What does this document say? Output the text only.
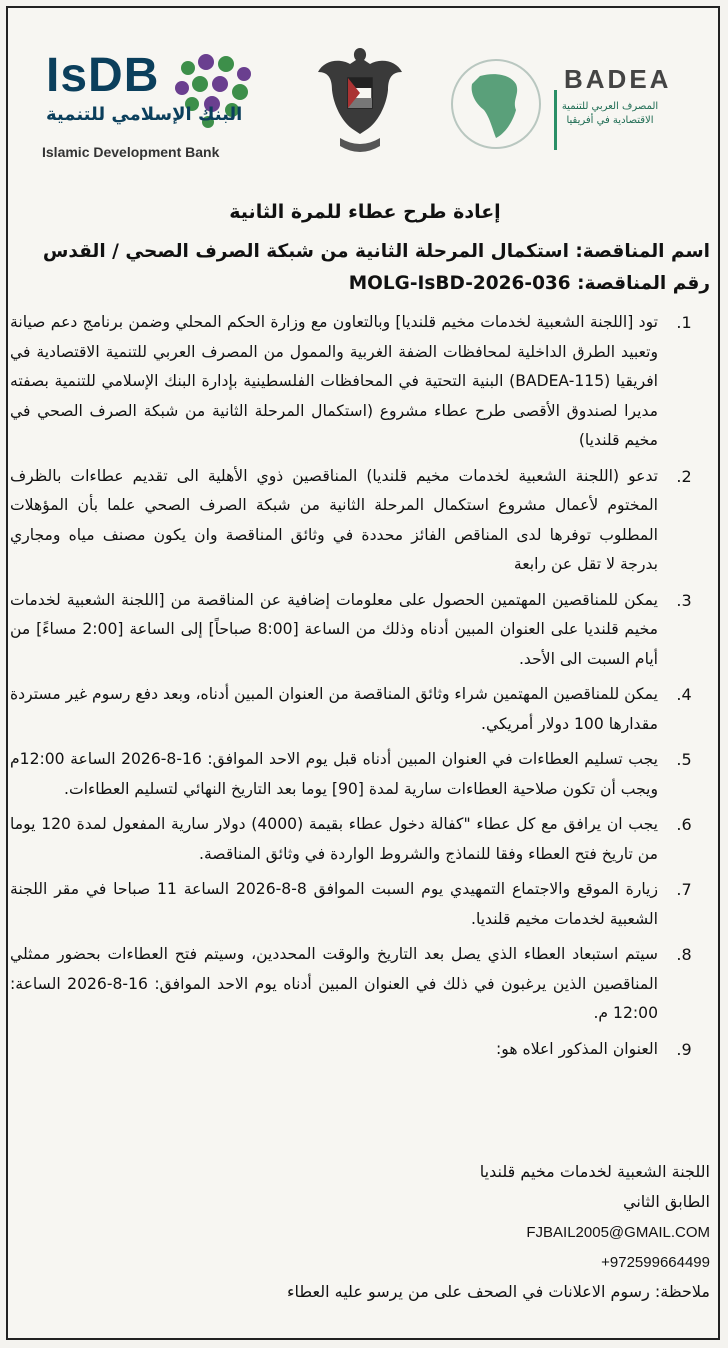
IsDB
البنك الإسلامي للتنمية
Islamic Development Bank
BADEA
المصرف العربي للتنمية الاقتصادية في أفريقيا
إعادة طرح عطاء للمرة الثانية
اسم المناقصة: استكمال المرحلة الثانية من شبكة الصرف الصحي / القدس
رقم المناقصة: MOLG-IsBD-2026-036
.1
تود [اللجنة الشعبية لخدمات مخيم قلنديا] وبالتعاون مع وزارة الحكم المحلي وضمن برنامج دعم صيانة وتعبيد الطرق الداخلية لمحافظات الضفة الغربية والممول من المصرف العربي للتنمية الاقتصادية في افريقيا (BADEA-115) البنية التحتية في المحافظات الفلسطينية بإدارة البنك الإسلامي للتنمية بصفته مديرا لصندوق الأقصى طرح عطاء مشروع (استكمال المرحلة الثانية من شبكة الصرف الصحي في مخيم قلنديا)
.2
تدعو (اللجنة الشعبية لخدمات مخيم قلنديا) المناقصين ذوي الأهلية الى تقديم عطاءات بالظرف المختوم لأعمال مشروع استكمال المرحلة الثانية من شبكة الصرف الصحي علما بأن المؤهلات المطلوب توفرها لدى المناقص الفائز محددة في وثائق المناقصة وان يكون مصنف مياه ومجاري بدرجة لا تقل عن رابعة
.3
يمكن للمناقصين المهتمين الحصول على معلومات إضافية عن المناقصة من [اللجنة الشعبية لخدمات مخيم قلنديا على العنوان المبين أدناه وذلك من الساعة [8:00 صباحاً] إلى الساعة [2:00 مساءً] من أيام السبت الى الأحد.
.4
يمكن للمناقصين المهتمين شراء وثائق المناقصة من العنوان المبين أدناه، وبعد دفع رسوم غير مستردة مقدارها 100 دولار أمريكي.
.5
يجب تسليم العطاءات في العنوان المبين أدناه قبل يوم الاحد الموافق: 16-8-2026 الساعة 12:00م ويجب أن تكون صلاحية العطاءات سارية لمدة [90] يوما بعد التاريخ النهائي لتسليم العطاءات.
.6
يجب ان يرافق مع كل عطاء "كفالة دخول عطاء بقيمة (4000) دولار سارية المفعول لمدة 120 يوما من تاريخ فتح العطاء وفقا للنماذج والشروط الواردة في وثائق المناقصة.
.7
زيارة الموقع والاجتماع التمهيدي يوم السبت الموافق 8-8-2026 الساعة 11 صباحا في مقر اللجنة الشعبية لخدمات مخيم قلنديا.
.8
سيتم استبعاد العطاء الذي يصل بعد التاريخ والوقت المحددين، وسيتم فتح العطاءات بحضور ممثلي المناقصين الذين يرغبون في ذلك في العنوان المبين أدناه يوم الاحد الموافق: 16-8-2026 الساعة: 12:00 م.
.9
العنوان المذكور اعلاه هو:
اللجنة الشعبية لخدمات مخيم قلنديا
الطابق الثاني
FJBAIL2005@GMAIL.COM
+972599664499
ملاحظة: رسوم الاعلانات في الصحف على من يرسو عليه العطاء
